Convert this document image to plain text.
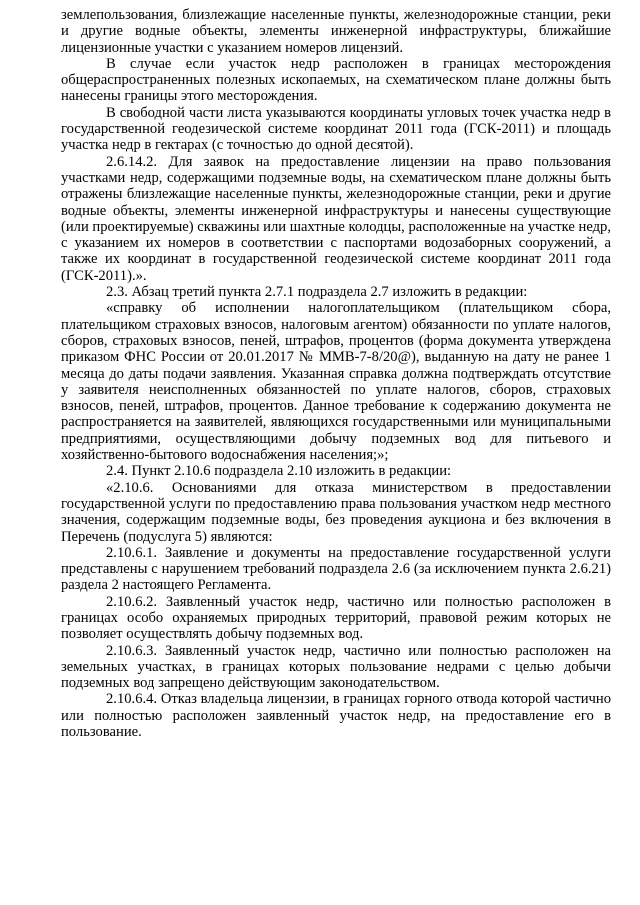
землепользования, близлежащие населенные пункты, железнодорожные станции, реки и другие водные объекты, элементы инженерной инфраструктуры, ближайшие лицензионные участки с указанием номеров лицензий.

В случае если участок недр расположен в границах месторождения общераспространенных полезных ископаемых, на схематическом плане должны быть нанесены границы этого месторождения.

В свободной части листа указываются координаты угловых точек участка недр в государственной геодезической системе координат 2011 года (ГСК-2011) и площадь участка недр в гектарах (с точностью до одной десятой).

2.6.14.2. Для заявок на предоставление лицензии на право пользования участками недр, содержащими подземные воды, на схематическом плане должны быть отражены близлежащие населенные пункты, железнодорожные станции, реки и другие водные объекты, элементы инженерной инфраструктуры и нанесены существующие (или проектируемые) скважины или шахтные колодцы, расположенные на участке недр, с указанием их номеров в соответствии с паспортами водозаборных сооружений, а также их координат в государственной геодезической системе координат 2011 года (ГСК-2011).».

2.3. Абзац третий пункта 2.7.1 подраздела 2.7 изложить в редакции:

«справку об исполнении налогоплательщиком (плательщиком сбора, плательщиком страховых взносов, налоговым агентом) обязанности по уплате налогов, сборов, страховых взносов, пеней, штрафов, процентов (форма документа утверждена приказом ФНС России от 20.01.2017 № ММВ-7-8/20@), выданную на дату не ранее 1 месяца до даты подачи заявления. Указанная справка должна подтверждать отсутствие у заявителя неисполненных обязанностей по уплате налогов, сборов, страховых взносов, пеней, штрафов, процентов. Данное требование к содержанию документа не распространяется на заявителей, являющихся государственными или муниципальными предприятиями, осуществляющими добычу подземных вод для питьевого и хозяйственно-бытового водоснабжения населения;»;

2.4. Пункт 2.10.6 подраздела 2.10 изложить в редакции:

«2.10.6. Основаниями для отказа министерством в предоставлении государственной услуги по предоставлению права пользования участком недр местного значения, содержащим подземные воды, без проведения аукциона и без включения в Перечень (подуслуга 5) являются:

2.10.6.1. Заявление и документы на предоставление государственной услуги представлены с нарушением требований подраздела 2.6 (за исключением пункта 2.6.21) раздела 2 настоящего Регламента.

2.10.6.2. Заявленный участок недр, частично или полностью расположен в границах особо охраняемых природных территорий, правовой режим которых не позволяет осуществлять добычу подземных вод.

2.10.6.3. Заявленный участок недр, частично или полностью расположен на земельных участках, в границах которых пользование недрами с целью добычи подземных вод запрещено действующим законодательством.

2.10.6.4. Отказ владельца лицензии, в границах горного отвода которой частично или полностью расположен заявленный участок недр, на предоставление его в пользование.
